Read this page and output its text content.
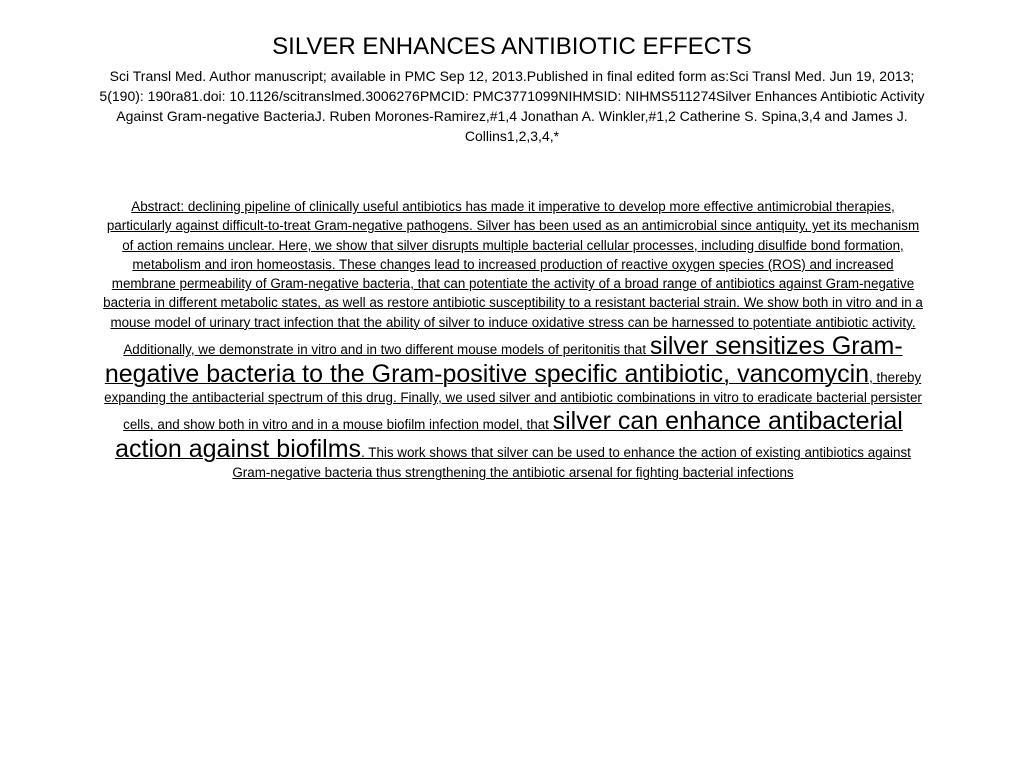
SILVER ENHANCES ANTIBIOTIC EFFECTS
Sci Transl Med. Author manuscript; available in PMC Sep 12, 2013.Published in final edited form as:Sci Transl Med. Jun 19, 2013; 5(190): 190ra81.doi: 10.1126/scitranslmed.3006276PMCID: PMC3771099NIHMSID: NIHMS511274Silver Enhances Antibiotic Activity Against Gram-negative BacteriaJ. Ruben Morones-Ramirez,#1,4 Jonathan A. Winkler,#1,2 Catherine S. Spina,3,4 and James J. Collins1,2,3,4,*
Abstract: declining pipeline of clinically useful antibiotics has made it imperative to develop more effective antimicrobial therapies, particularly against difficult-to-treat Gram-negative pathogens. Silver has been used as an antimicrobial since antiquity, yet its mechanism of action remains unclear. Here, we show that silver disrupts multiple bacterial cellular processes, including disulfide bond formation, metabolism and iron homeostasis. These changes lead to increased production of reactive oxygen species (ROS) and increased membrane permeability of Gram-negative bacteria, that can potentiate the activity of a broad range of antibiotics against Gram-negative bacteria in different metabolic states, as well as restore antibiotic susceptibility to a resistant bacterial strain. We show both in vitro and in a mouse model of urinary tract infection that the ability of silver to induce oxidative stress can be harnessed to potentiate antibiotic activity. Additionally, we demonstrate in vitro and in two different mouse models of peritonitis that silver sensitizes Gram-negative bacteria to the Gram-positive specific antibiotic, vancomycin, thereby expanding the antibacterial spectrum of this drug. Finally, we used silver and antibiotic combinations in vitro to eradicate bacterial persister cells, and show both in vitro and in a mouse biofilm infection model, that silver can enhance antibacterial action against biofilms. This work shows that silver can be used to enhance the action of existing antibiotics against Gram-negative bacteria thus strengthening the antibiotic arsenal for fighting bacterial infections
